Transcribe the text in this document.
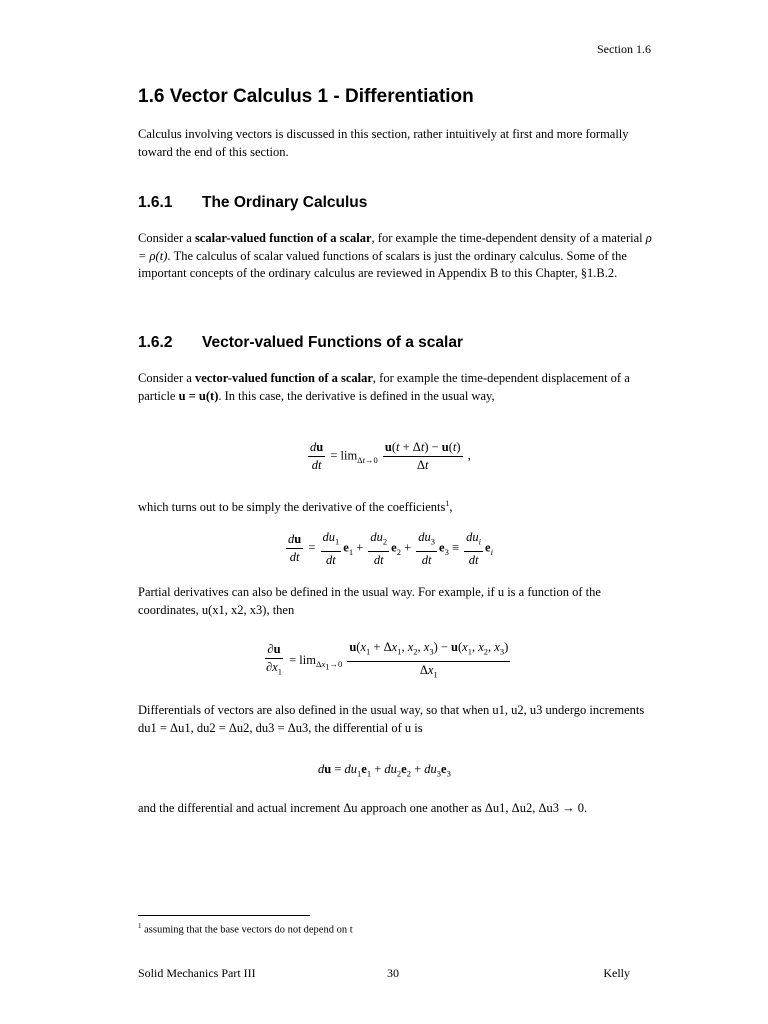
Section 1.6
1.6 Vector Calculus 1 - Differentiation
Calculus involving vectors is discussed in this section, rather intuitively at first and more formally toward the end of this section.
1.6.1 The Ordinary Calculus
Consider a scalar-valued function of a scalar, for example the time-dependent density of a material ρ = ρ(t). The calculus of scalar valued functions of scalars is just the ordinary calculus. Some of the important concepts of the ordinary calculus are reviewed in Appendix B to this Chapter, §1.B.2.
1.6.2 Vector-valued Functions of a scalar
Consider a vector-valued function of a scalar, for example the time-dependent displacement of a particle u = u(t). In this case, the derivative is defined in the usual way,
$\frac{du}{dt} = \lim_{\Delta t\to 0} \frac{u(t + \Delta t) - u(t)}{\Delta t}$ ,
which turns out to be simply the derivative of the coefficients$^1$,
$\frac{du}{dt} = \frac{du_1}{dt} e_1 + \frac{du_2}{dt} e_2 + \frac{du_3}{dt} e_3 \equiv \frac{du_i}{dt} e_i$
Partial derivatives can also be defined in the usual way. For example, if u is a function of the coordinates, u(x1, x2, x3), then
$\frac{\partial u}{\partial x_1} = \lim_{\Delta x_1\to 0} \frac{u(x_1 + \Delta x_1, x_2, x_3) - u(x_1, x_2, x_3)}{\Delta x_1}$
Differentials of vectors are also defined in the usual way, so that when u1, u2, u3 undergo increments du1 = Δu1, du2 = Δu2, du3 = Δu3, the differential of u is
du = $du_1e_1 + du_2e_2 + du_3e_3$
and the differential and actual increment Δu approach one another as Δu1, Δu2, Δu3 → 0.
$^1$ assuming that the base vectors do not depend on t
Solid Mechanics Part III	30	Kelly
